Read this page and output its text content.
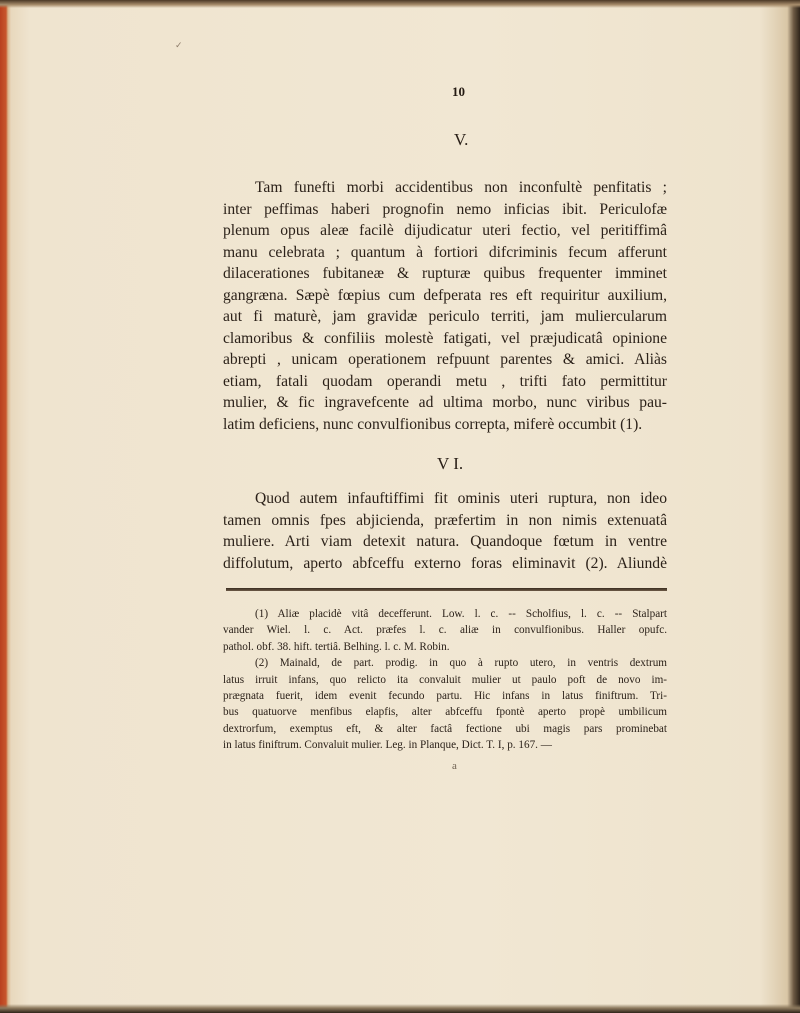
✓
10
V.
Tam funefti morbi accidentibus non inconfultè penfitatis ;
inter peffimas haberi prognofin nemo inficias ibit. Periculofæ
plenum opus aleæ facilè dijudicatur uteri fectio, vel peritiffimâ
manu celebrata ; quantum à fortiori difcriminis fecum afferunt
dilacerationes fubitaneæ & rupturæ quibus frequenter imminet
gangræna. Sæpè fœpius cum defperata res eft requiritur auxilium,
aut fi maturè, jam gravidæ periculo territi, jam muliercularum
clamoribus & confiliis molestè fatigati, vel præjudicatâ opinione
abrepti , unicam operationem refpuunt parentes & amici. Aliàs
etiam, fatali quodam operandi metu , trifti fato permittitur
mulier, & fic ingravefcente ad ultima morbo, nunc viribus pau-
latim deficiens, nunc convulfionibus correpta, miferè occumbit (1).
V I.
Quod autem infauftiffimi fit ominis uteri ruptura, non ideo
tamen omnis fpes abjicienda, præfertim in non nimis extenuatâ
muliere. Arti viam detexit natura. Quandoque fœtum in ventre
diffolutum, aperto abfceffu externo foras eliminavit (2). Aliundè
(1) Aliæ placidè vitâ decefferunt. Low. l. c. -- Scholfius, l. c. -- Stalpart
vander Wiel. l. c. Act. præfes l. c. aliæ in convulfionibus. Haller opufc.
pathol. obf. 38. hift. tertiâ. Belhing. l. c. M. Robin.
(2) Mainald, de part. prodig. in quo à rupto utero, in ventris dextrum
latus irruit infans, quo relicto ita convaluit mulier ut paulo poft de novo im-
prægnata fuerit, idem evenit fecundo partu. Hic infans in latus finiftrum. Tri-
bus quatuorve menfibus elapfis, alter abfceffu fpontè aperto propè umbilicum
dextrorfum, exemptus eft, & alter factâ fectione ubi magis pars prominebat
in latus finiftrum. Convaluit mulier. Leg. in Planque, Dict. T. I, p. 167. —
a
